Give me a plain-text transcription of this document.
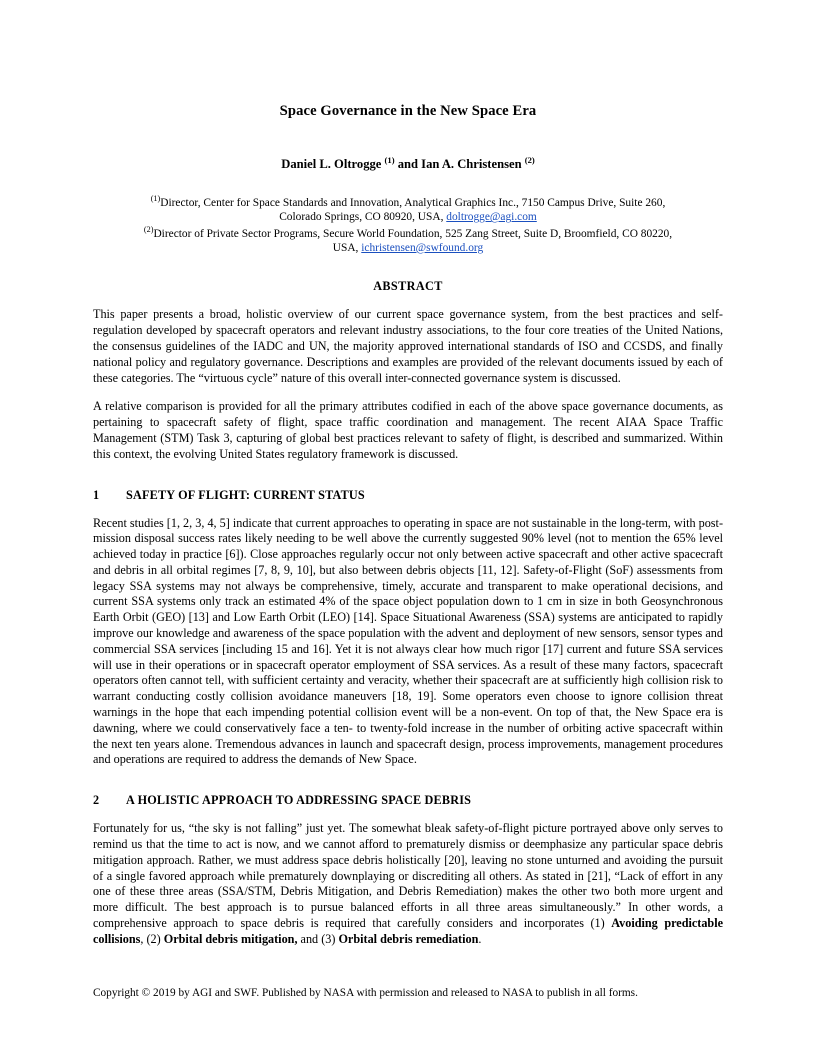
Space Governance in the New Space Era
Daniel L. Oltrogge $^{(1)}$ and Ian A. Christensen $^{(2)}$
$^{(1)}$Director, Center for Space Standards and Innovation, Analytical Graphics Inc., 7150 Campus Drive, Suite 260,
Colorado Springs, CO 80920, USA, doltrogge@agi.com
$^{(2)}$Director of Private Sector Programs, Secure World Foundation, 525 Zang Street, Suite D, Broomfield, CO 80220,
USA, ichristensen@swfound.org
ABSTRACT

This paper presents a broad, holistic overview of our current space governance system, from the best practices and self-regulation developed by spacecraft operators and relevant industry associations, to the four core treaties of the United Nations, the consensus guidelines of the IADC and UN, the majority approved international standards of ISO and CCSDS, and finally national policy and regulatory governance. Descriptions and examples are provided of the relevant documents issued by each of these categories. The “virtuous cycle” nature of this overall inter-connected governance system is discussed.

A relative comparison is provided for all the primary attributes codified in each of the above space governance documents, as pertaining to spacecraft safety of flight, space traffic coordination and management. The recent AIAA Space Traffic Management (STM) Task 3, capturing of global best practices relevant to safety of flight, is described and summarized. Within this context, the evolving United States regulatory framework is discussed.

1	SAFETY OF FLIGHT: CURRENT STATUS

Recent studies [1, 2, 3, 4, 5] indicate that current approaches to operating in space are not sustainable in the long-term, with post-mission disposal success rates likely needing to be well above the currently suggested 90% level (not to mention the 65% level achieved today in practice [6]). Close approaches regularly occur not only between active spacecraft and other active spacecraft and debris in all orbital regimes [7, 8, 9, 10], but also between debris objects [11, 12]. Safety-of-Flight (SoF) assessments from legacy SSA systems may not always be comprehensive, timely, accurate and transparent to make operational decisions, and current SSA systems only track an estimated 4% of the space object population down to 1 cm in size in both Geosynchronous Earth Orbit (GEO) [13] and Low Earth Orbit (LEO) [14]. Space Situational Awareness (SSA) systems are anticipated to rapidly improve our knowledge and awareness of the space population with the advent and deployment of new sensors, sensor types and commercial SSA services [including 15 and 16]. Yet it is not always clear how much rigor [17] current and future SSA services will use in their operations or in spacecraft operator employment of SSA services. As a result of these many factors, spacecraft operators often cannot tell, with sufficient certainty and veracity, whether their spacecraft are at sufficiently high collision risk to warrant conducting costly collision avoidance maneuvers [18, 19]. Some operators even choose to ignore collision threat warnings in the hope that each impending potential collision event will be a non-event. On top of that, the New Space era is dawning, where we could conservatively face a ten- to twenty-fold increase in the number of orbiting active spacecraft within the next ten years alone. Tremendous advances in launch and spacecraft design, process improvements, management procedures and operations are required to address the demands of New Space.

2	A HOLISTIC APPROACH TO ADDRESSING SPACE DEBRIS

Fortunately for us, “the sky is not falling” just yet. The somewhat bleak safety-of-flight picture portrayed above only serves to remind us that the time to act is now, and we cannot afford to prematurely dismiss or deemphasize any particular space debris mitigation approach. Rather, we must address space debris holistically [20], leaving no stone unturned and avoiding the pursuit of a single favored approach while prematurely downplaying or discrediting all others. As stated in [21], “Lack of effort in any one of these three areas (SSA/STM, Debris Mitigation, and Debris Remediation) makes the other two both more urgent and more difficult. The best approach is to pursue balanced efforts in all three areas simultaneously.” In other words, a comprehensive approach to space debris is required that carefully considers and incorporates (1) Avoiding predictable collisions, (2) Orbital debris mitigation, and (3) Orbital debris remediation.

Copyright © 2019 by AGI and SWF. Published by NASA with permission and released to NASA to publish in all forms.
